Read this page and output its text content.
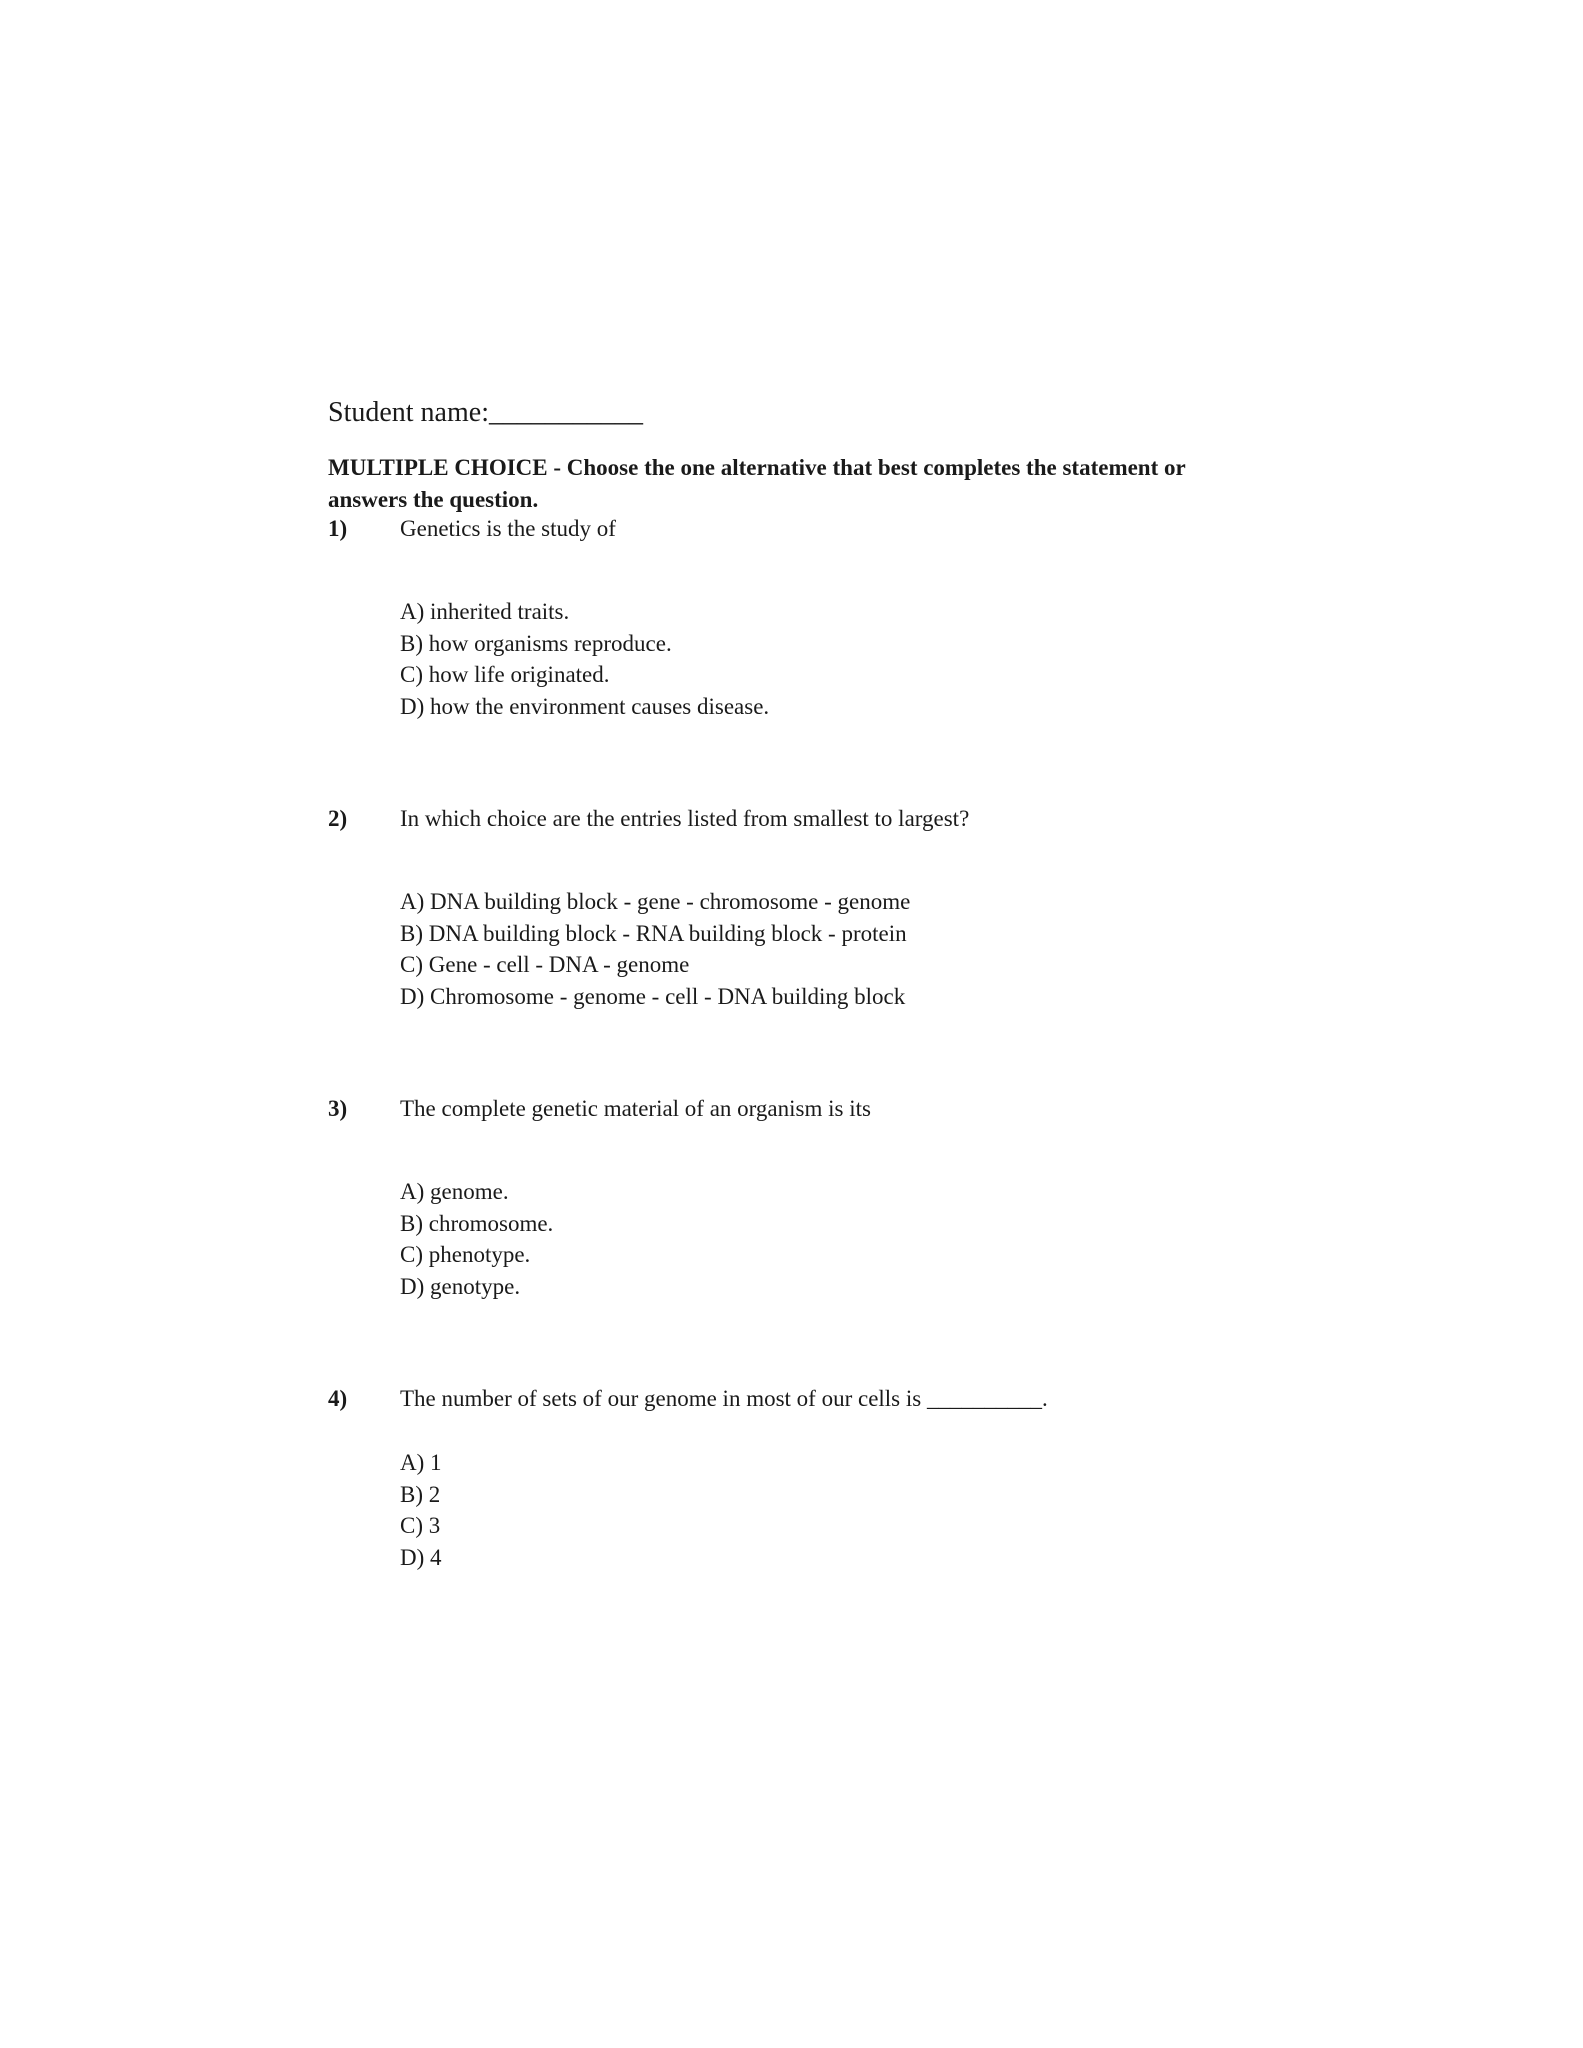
Student name:___________
MULTIPLE CHOICE - Choose the one alternative that best completes the statement or answers the question.
1) Genetics is the study of
A) inherited traits.
B) how organisms reproduce.
C) how life originated.
D) how the environment causes disease.
2) In which choice are the entries listed from smallest to largest?
A) DNA building block - gene - chromosome - genome
B) DNA building block - RNA building block - protein
C) Gene - cell - DNA - genome
D) Chromosome - genome - cell - DNA building block
3) The complete genetic material of an organism is its
A) genome.
B) chromosome.
C) phenotype.
D) genotype.
4) The number of sets of our genome in most of our cells is __________.
A) 1
B) 2
C) 3
D) 4
